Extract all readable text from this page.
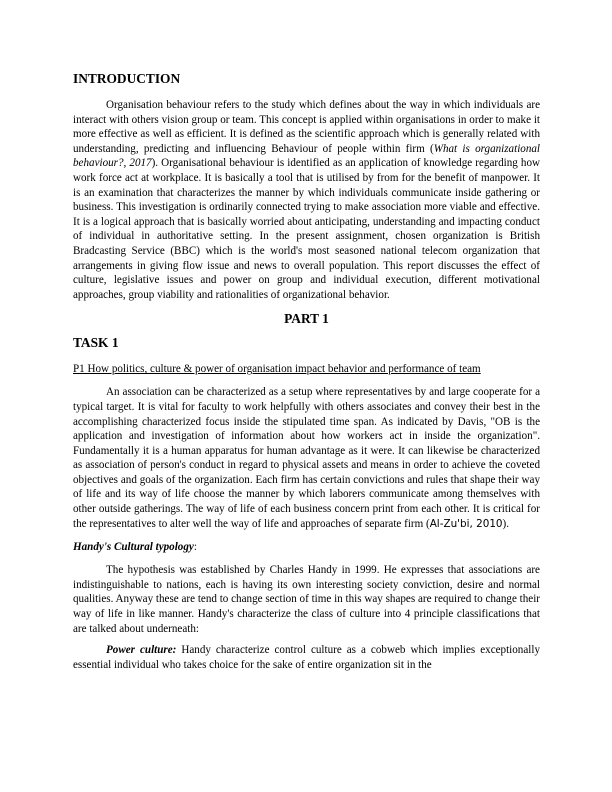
INTRODUCTION

Organisation behaviour refers to the study which defines about the way in which individuals are interact with others vision group or team. This concept is applied within organisations in order to make it more effective as well as efficient. It is defined as the scientific approach which is generally related with understanding, predicting and influencing Behaviour of people within firm (What is organizational behaviour?, 2017). Organisational behaviour is identified as an application of knowledge regarding how work force act at workplace. It is basically a tool that is utilised by from for the benefit of manpower. It is an examination that characterizes the manner by which individuals communicate inside gathering or business. This investigation is ordinarily connected trying to make association more viable and effective. It is a logical approach that is basically worried about anticipating, understanding and impacting conduct of individual in authoritative setting. In the present assignment, chosen organization is British Bradcasting Service (BBC) which is the world's most seasoned national telecom organization that arrangements in giving flow issue and news to overall population. This report discusses the effect of culture, legislative issues and power on group and individual execution, different motivational approaches, group viability and rationalities of organizational behavior.

PART 1
TASK 1
P1 How politics, culture & power of organisation impact behavior and performance of team

An association can be characterized as a setup where representatives by and large cooperate for a typical target. It is vital for faculty to work helpfully with others associates and convey their best in the accomplishing characterized focus inside the stipulated time span. As indicated by Davis, "OB is the application and investigation of information about how workers act in inside the organization". Fundamentally it is a human apparatus for human advantage as it were. It can likewise be characterized as association of person's conduct in regard to physical assets and means in order to achieve the coveted objectives and goals of the organization. Each firm has certain convictions and rules that shape their way of life and its way of life choose the manner by which laborers communicate among themselves with other outside gatherings. The way of life of each business concern print from each other. It is critical for the representatives to alter well the way of life and approaches of separate firm (Al-Zu'bi, 2010).

Handy's Cultural typology:

The hypothesis was established by Charles Handy in 1999. He expresses that associations are indistinguishable to nations, each is having its own interesting society conviction, desire and normal qualities. Anyway these are tend to change section of time in this way shapes are required to change their way of life in like manner. Handy's characterize the class of culture into 4 principle classifications that are talked about underneath:

Power culture: Handy characterize control culture as a cobweb which implies exceptionally essential individual who takes choice for the sake of entire organization sit in the
